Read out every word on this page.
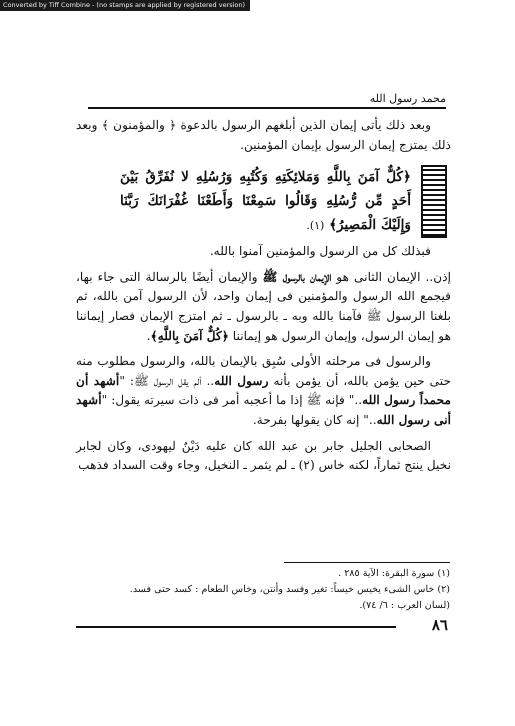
Converted by Tiff Combine - (no stamps are applied by registered version)
محمد رسول الله

وبعد ذلك يأتى إيمان الذين أبلغهم الرسول بالدعوة ﴿ والمؤمنون ﴾ وبعد ذلك يمتزج إيمان الرسول بإيمان المؤمنين.

﴿كُلٌّ آمَنَ بِاللَّهِ وَمَلائِكَتِهِ وَكُتُبِهِ وَرُسُلِهِ لا نُفَرِّقُ بَيْنَ أَحَدٍ مِّن رُّسُلِهِ وَقَالُوا سَمِعْنَا وَأَطَعْنَا غُفْرَانَكَ رَبَّنَا وَإِلَيْكَ الْمَصِيرُ﴾ (١).

فبذلك كل من الرسول والمؤمنين آمنوا بالله.

إذن.. الإيمان الثانى هو الإيمان بالرسول ﷺ والإيمان أيضًا بالرسالة التى جاء بها، فيجمع الله الرسول والمؤمنين فى إيمان واحد، لأن الرسول آمن بالله، ثم بلغنا الرسول ﷺ فآمنا بالله وبه ـ بالرسول ـ ثم امتزج الإيمان فصار إيماننا هو إيمان الرسول، وإيمان الرسول هو إيماننا ﴿كُلٌّ آمَنَ بِاللَّهِ﴾.

والرسول فى مرحلته الأولى سُبِق بالإيمان بالله، والرسول مطلوب منه حتى حين يؤمن بالله، أن يؤمن بأنه رسول الله.. ألم يقل الرسول ﷺ: "أشهد أن محمداً رسول الله.." فإنه ﷺ إذا ما أعجبه أمر فى ذات سيرته يقول: "أشهد أنى رسول الله.." إنه كان يقولها بفرحة.

الصحابى الجليل جابر بن عبد الله كان عليه دَيْنٌ ليهودى، وكان لجابر نخيل ينتج ثماراً، لكنه خاس (٢) ـ لم يثمر ـ النخيل، وجاء وقت السداد فذهب

(١) سورة البقرة: الآية ٢٨٥ .
(٢) خاس الشىء يخيس خيساً: تغير وفسد وأنتن، وخاس الطعام : كسد حتى فسد.
(لسان العرب : ٦/ ٧٤).
٨٦
